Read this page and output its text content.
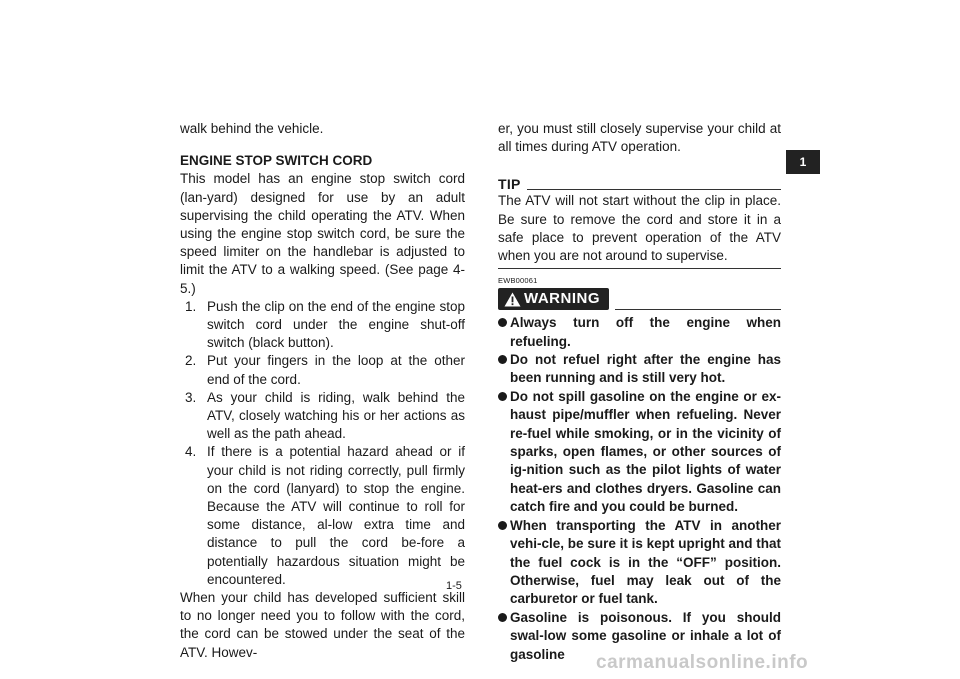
walk behind the vehicle.

ENGINE STOP SWITCH CORD

This model has an engine stop switch cord (lan-yard) designed for use by an adult supervising the child operating the ATV. When using the engine stop switch cord, be sure the speed limiter on the handlebar is adjusted to limit the ATV to a walking speed. (See page 4-5.)

1. Push the clip on the end of the engine stop switch cord under the engine shut-off switch (black button).
2. Put your fingers in the loop at the other end of the cord.
3. As your child is riding, walk behind the ATV, closely watching his or her actions as well as the path ahead.
4. If there is a potential hazard ahead or if your child is not riding correctly, pull firmly on the cord (lanyard) to stop the engine. Because the ATV will continue to roll for some distance, al-low extra time and distance to pull the cord be-fore a potentially hazardous situation might be encountered.

When your child has developed sufficient skill to no longer need you to follow with the cord, the cord can be stowed under the seat of the ATV. Howev-

er, you must still closely supervise your child at all times during ATV operation.

TIP

The ATV will not start without the clip in place. Be sure to remove the cord and store it in a safe place to prevent operation of the ATV when you are not around to supervise.

EWB00061
WARNING
Always turn off the engine when refueling.
Do not refuel right after the engine has been running and is still very hot.
Do not spill gasoline on the engine or ex-haust pipe/muffler when refueling. Never re-fuel while smoking, or in the vicinity of sparks, open flames, or other sources of ig-nition such as the pilot lights of water heat-ers and clothes dryers. Gasoline can catch fire and you could be burned.
When transporting the ATV in another vehi-cle, be sure it is kept upright and that the fuel cock is in the “OFF” position. Otherwise, fuel may leak out of the carburetor or fuel tank.
Gasoline is poisonous. If you should swal-low some gasoline or inhale a lot of gasoline
1-5
1
carmanualsonline.info
